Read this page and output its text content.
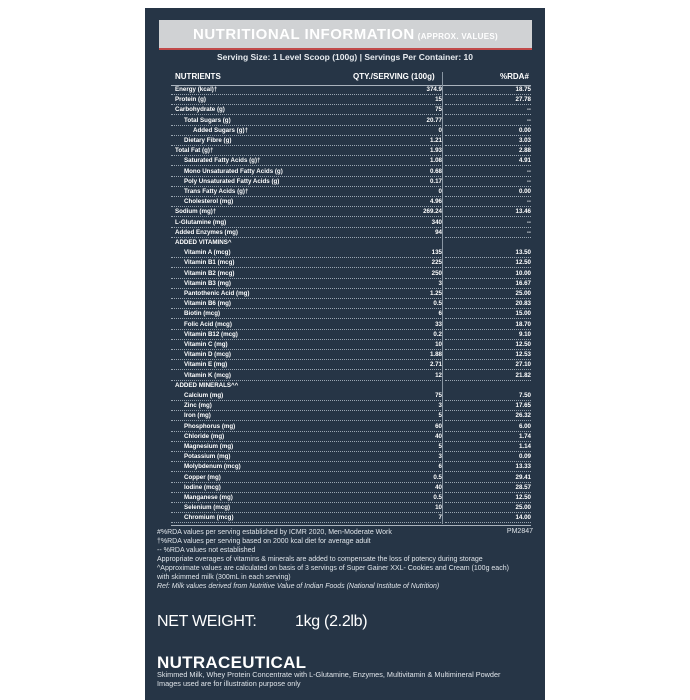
NUTRITIONAL INFORMATION (APPROX. VALUES)
Serving Size: 1 Level Scoop (100g) | Servings Per Container: 10
NUTRIENTS	QTY./SERVING (100g)	%RDA#
Energy (kcal)†	374.9	18.75
Protein (g)	15	27.78
Carbohydrate (g)	75	--
Total Sugars (g)	20.77	--
Added Sugars (g)†	0	0.00
Dietary Fibre (g)	1.21	3.03
Total Fat (g)†	1.93	2.88
Saturated Fatty Acids (g)†	1.08	4.91
Mono Unsaturated Fatty Acids (g)	0.68	--
Poly Unsaturated Fatty Acids (g)	0.17	--
Trans Fatty Acids (g)†	0	0.00
Cholesterol (mg)	4.96	--
Sodium (mg)†	269.24	13.46
L-Glutamine (mg)	340	--
Added Enzymes (mg)	94	--
ADDED VITAMINS^
Vitamin A (mcg)	135	13.50
Vitamin B1 (mcg)	225	12.50
Vitamin B2 (mcg)	250	10.00
Vitamin B3 (mg)	3	16.67
Pantothenic Acid (mg)	1.25	25.00
Vitamin B6 (mg)	0.5	20.83
Biotin (mcg)	6	15.00
Folic Acid (mcg)	33	18.70
Vitamin B12 (mcg)	0.2	9.10
Vitamin C (mg)	10	12.50
Vitamin D (mcg)	1.88	12.53
Vitamin E (mg)	2.71	27.10
Vitamin K (mcg)	12	21.82
ADDED MINERALS^^
Calcium (mg)	75	7.50
Zinc (mg)	3	17.65
Iron (mg)	5	26.32
Phosphorus (mg)	60	6.00
Chloride (mg)	40	1.74
Magnesium (mg)	5	1.14
Potassium (mg)	3	0.09
Molybdenum (mcg)	6	13.33
Copper (mg)	0.5	29.41
Iodine (mcg)	40	28.57
Manganese (mg)	0.5	12.50
Selenium (mcg)	10	25.00
Chromium (mcg)	7	14.00
PM2847
#%RDA values per serving established by ICMR 2020, Men-Moderate Work
†%RDA values per serving based on 2000 kcal diet for average adult
-- %RDA values not established
Appropriate overages of vitamins & minerals are added to compensate the loss of potency during storage
^Approximate values are calculated on basis of 3 servings of Super Gainer XXL- Cookies and Cream (100g each)
with skimmed milk (300mL in each serving)
Ref: Milk values derived from Nutritive Value of Indian Foods (National Institute of Nutrition)
NET WEIGHT: 1kg (2.2lb)
NUTRACEUTICAL
Skimmed Milk, Whey Protein Concentrate with L-Glutamine, Enzymes, Multivitamin & Multimineral Powder
Images used are for illustration purpose only
